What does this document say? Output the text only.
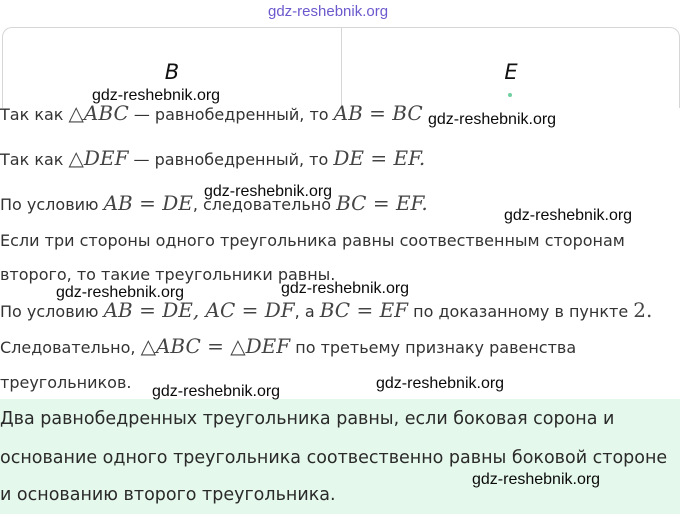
gdz-reshebnik.org
B	E
Так как △ABC — равнобедренный, то AB = BC
Так как △DEF — равнобедренный, то DE = EF.
По условию AB = DE, следовательно BC = EF.
Если три стороны одного треугольника равны соотвественным сторонам
второго, то такие треугольники равны.
По условию AB = DE, AC = DF, а BC = EF по доказанному в пункте 2.
Следовательно, △ABC = △DEF по третьему признаку равенства
треугольников.
Два равнобедренных треугольника равны, если боковая сорона и
основание одного треугольника соотвественно равны боковой стороне
и основанию второго треугольника.
gdz-reshebnik.org
gdz-reshebnik.org
gdz-reshebnik.org
gdz-reshebnik.org
gdz-reshebnik.org	gdz-reshebnik.org
gdz-reshebnik.org	gdz-reshebnik.org
gdz-reshebnik.org
